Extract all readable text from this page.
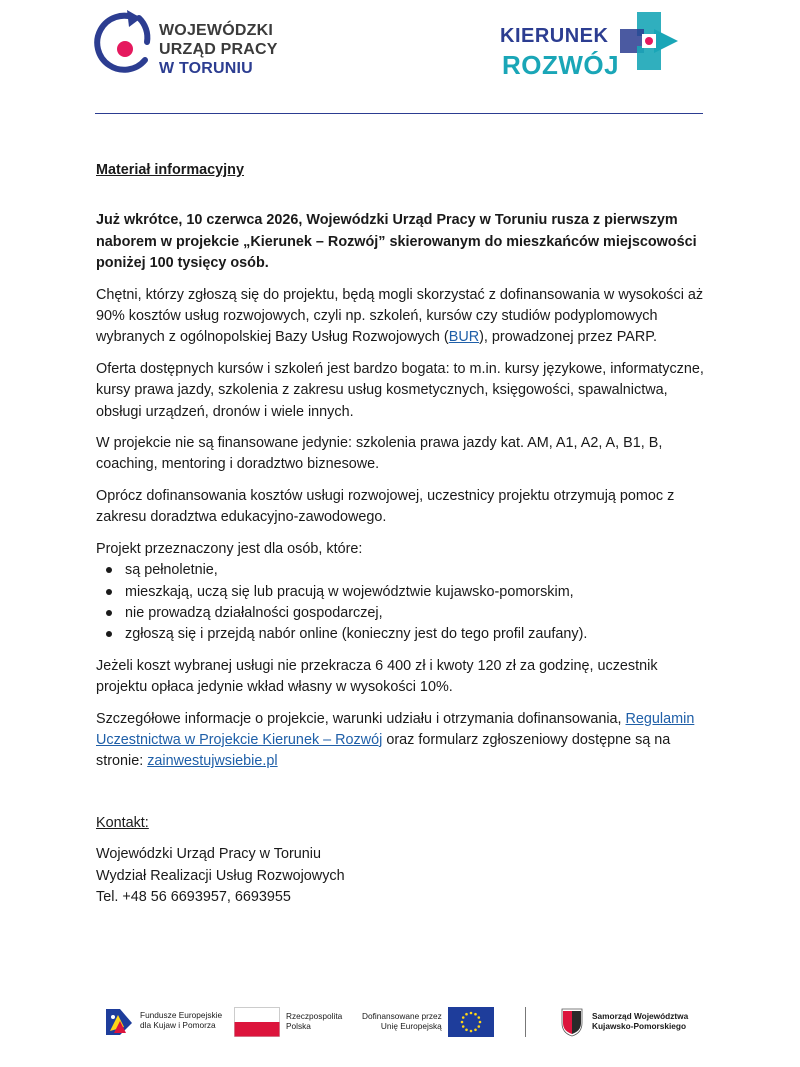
WOJEWÓDZKI
URZĄD PRACY
W TORUNIU
KIERUNEK
ROZWÓJ

Materiał informacyjny

Już wkrótce, 10 czerwca 2026, Wojewódzki Urząd Pracy w Toruniu rusza z pierwszym naborem w projekcie „Kierunek – Rozwój” skierowanym do mieszkańców miejscowości poniżej 100 tysięcy osób.

Chętni, którzy zgłoszą się do projektu, będą mogli skorzystać z dofinansowania w wysokości aż 90% kosztów usług rozwojowych, czyli np. szkoleń, kursów czy studiów podyplomowych wybranych z ogólnopolskiej Bazy Usług Rozwojowych (BUR), prowadzonej przez PARP.

Oferta dostępnych kursów i szkoleń jest bardzo bogata: to m.in. kursy językowe, informatyczne, kursy prawa jazdy, szkolenia z zakresu usług kosmetycznych, księgowości, spawalnictwa, obsługi urządzeń, dronów i wiele innych.

W projekcie nie są finansowane jedynie: szkolenia prawa jazdy kat. AM, A1, A2, A, B1, B, coaching, mentoring i doradztwo biznesowe.

Oprócz dofinansowania kosztów usługi rozwojowej, uczestnicy projektu otrzymują pomoc z zakresu doradztwa edukacyjno-zawodowego.

Projekt przeznaczony jest dla osób, które:

są pełnoletnie,
mieszkają, uczą się lub pracują w województwie kujawsko-pomorskim,
nie prowadzą działalności gospodarczej,
zgłoszą się i przejdą nabór online (konieczny jest do tego profil zaufany).

Jeżeli koszt wybranej usługi nie przekracza 6 400 zł i kwoty 120 zł za godzinę, uczestnik projektu opłaca jedynie wkład własny w wysokości 10%.

Szczegółowe informacje o projekcie, warunki udziału i otrzymania dofinansowania, Regulamin Uczestnictwa w Projekcie Kierunek – Rozwój oraz formularz zgłoszeniowy dostępne są na stronie: zainwestujwsiebie.pl

Kontakt:

Wojewódzki Urząd Pracy w Toruniu
Wydział Realizacji Usług Rozwojowych
Tel. +48 56 6693957, 6693955

Fundusze Europejskie
dla Kujaw i Pomorza
Rzeczpospolita
Polska
Dofinansowane przez
Unię Europejską
Samorząd Województwa
Kujawsko-Pomorskiego
